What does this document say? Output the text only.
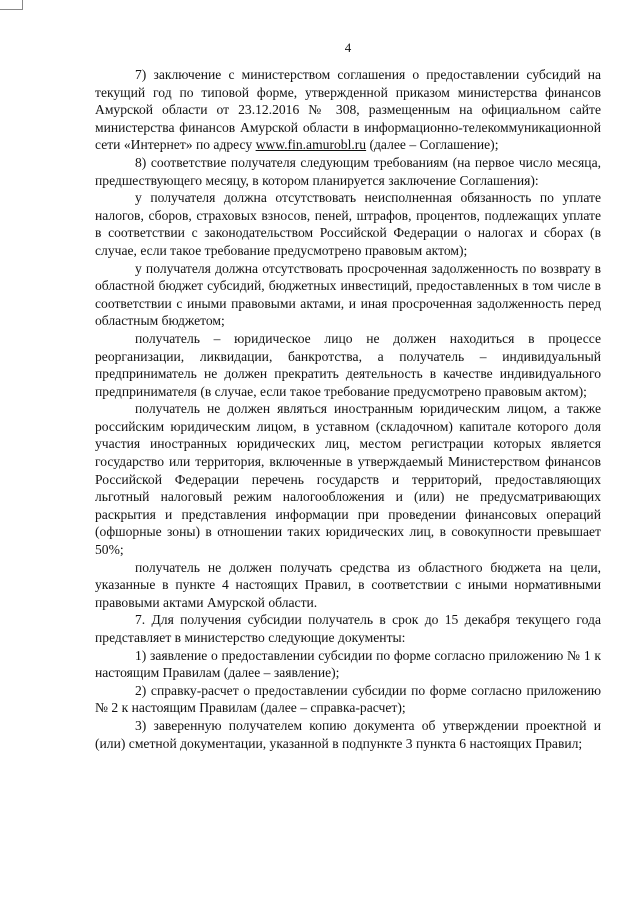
4

7) заключение с министерством соглашения о предоставлении субсидий на текущий год по типовой форме, утвержденной приказом министерства финансов Амурской области от 23.12.2016 № 308, размещенным на официальном сайте министерства финансов Амурской области в информационно-телекоммуникационной сети «Интернет» по адресу www.fin.amurobl.ru (далее – Соглашение);

8) соответствие получателя следующим требованиям (на первое число месяца, предшествующего месяцу, в котором планируется заключение Соглашения):

у получателя должна отсутствовать неисполненная обязанность по уплате налогов, сборов, страховых взносов, пеней, штрафов, процентов, подлежащих уплате в соответствии с законодательством Российской Федерации о налогах и сборах (в случае, если такое требование предусмотрено правовым актом);

у получателя должна отсутствовать просроченная задолженность по возврату в областной бюджет субсидий, бюджетных инвестиций, предоставленных в том числе в соответствии с иными правовыми актами, и иная просроченная задолженность перед областным бюджетом;

получатель – юридическое лицо не должен находиться в процессе реорганизации, ликвидации, банкротства, а получатель – индивидуальный предприниматель не должен прекратить деятельность в качестве индивидуального предпринимателя (в случае, если такое требование предусмотрено правовым актом);

получатель не должен являться иностранным юридическим лицом, а также российским юридическим лицом, в уставном (складочном) капитале которого доля участия иностранных юридических лиц, местом регистрации которых является государство или территория, включенные в утверждаемый Министерством финансов Российской Федерации перечень государств и территорий, предоставляющих льготный налоговый режим налогообложения и (или) не предусматривающих раскрытия и представления информации при проведении финансовых операций (офшорные зоны) в отношении таких юридических лиц, в совокупности превышает 50%;

получатель не должен получать средства из областного бюджета на цели, указанные в пункте 4 настоящих Правил, в соответствии с иными нормативными правовыми актами Амурской области.

7. Для получения субсидии получатель в срок до 15 декабря текущего года представляет в министерство следующие документы:

1) заявление о предоставлении субсидии по форме согласно приложению № 1 к настоящим Правилам (далее – заявление);

2) справку-расчет о предоставлении субсидии по форме согласно приложению № 2 к настоящим Правилам (далее – справка-расчет);

3) заверенную получателем копию документа об утверждении проектной и (или) сметной документации, указанной в подпункте 3 пункта 6 настоящих Правил;
